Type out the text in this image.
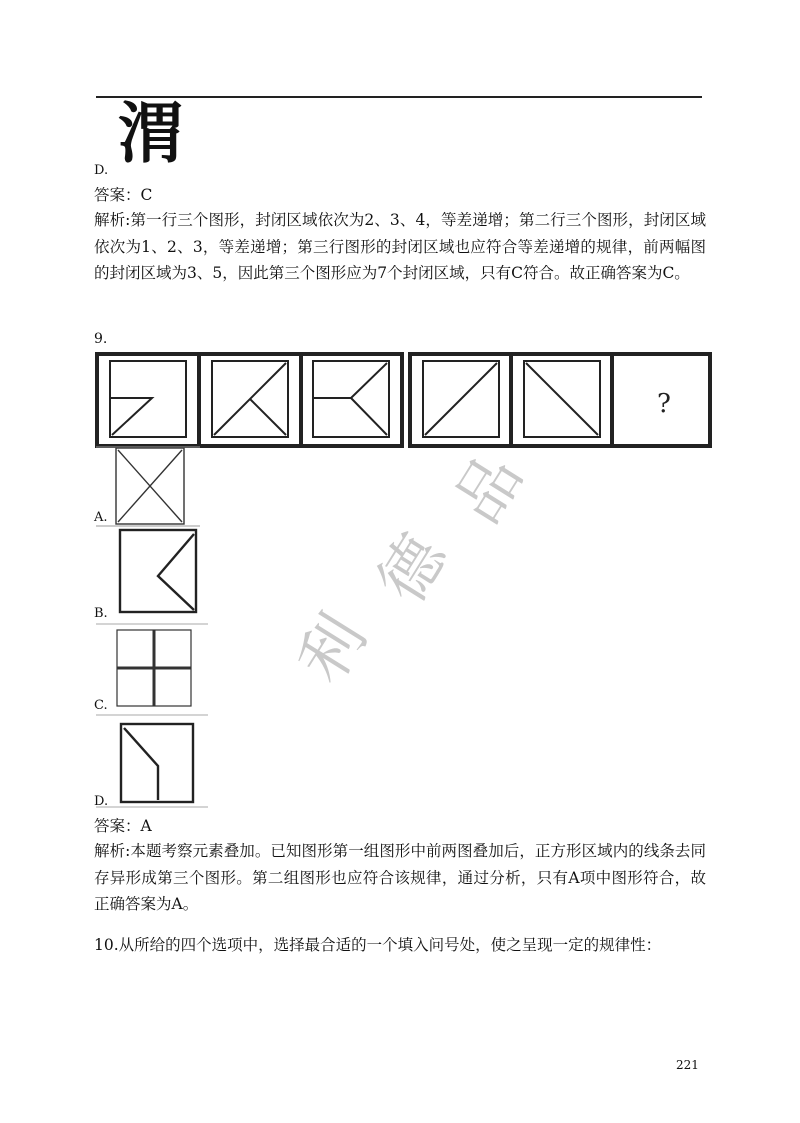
渭
D.
答案：C
解析:第一行三个图形，封闭区域依次为2、3、4，等差递增；第二行三个图形，封闭区域依次为1、2、3，等差递增；第三行图形的封闭区域也应符合等差递增的规律，前两幅图的封闭区域为3、5，因此第三个图形应为7个封闭区域，只有C符合。故正确答案为C。
9.
利
德
品
?
A.
B.
C.
D.
答案：A
解析:本题考察元素叠加。已知图形第一组图形中前两图叠加后，正方形区域内的线条去同存异形成第三个图形。第二组图形也应符合该规律，通过分析，只有A项中图形符合，故正确答案为A。
10.从所给的四个选项中，选择最合适的一个填入问号处，使之呈现一定的规律性：
221
